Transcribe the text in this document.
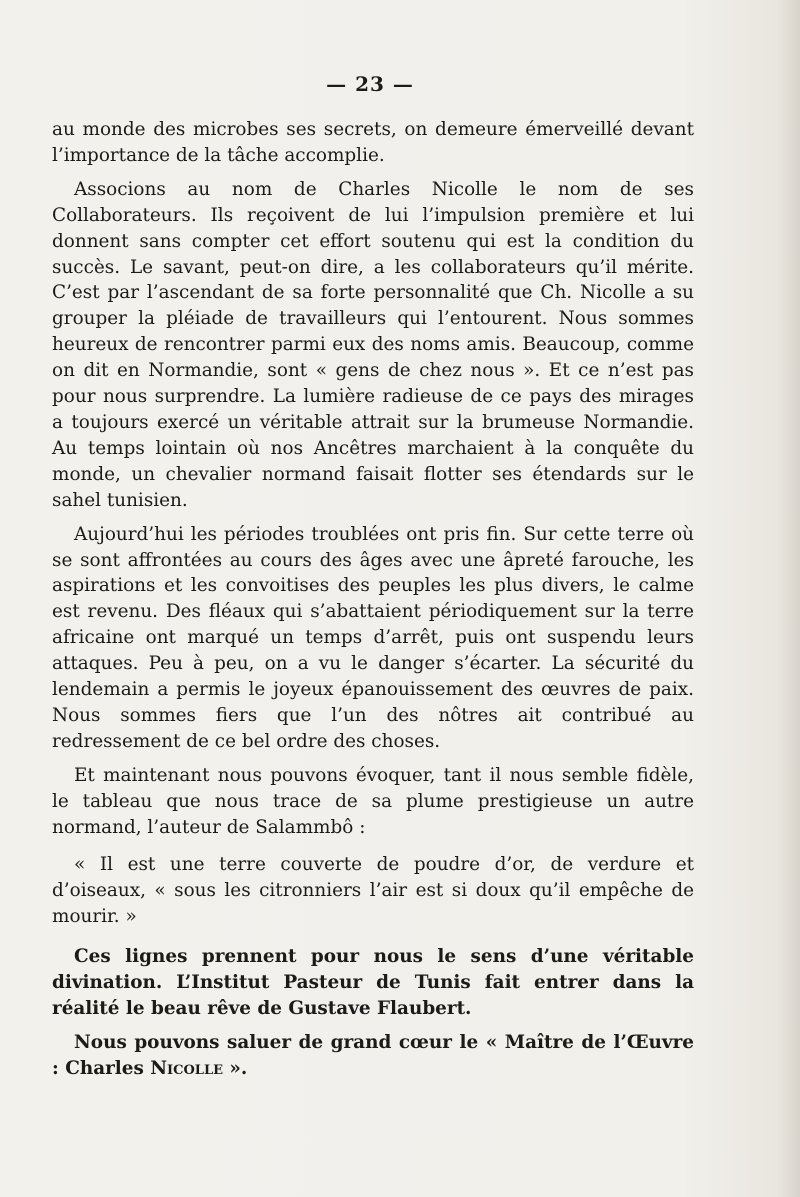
— 23 —

au monde des microbes ses secrets, on demeure émerveillé devant l’importance de la tâche accomplie.

Associons au nom de Charles Nicolle le nom de ses Collaborateurs. Ils reçoivent de lui l’impulsion première et lui donnent sans compter cet effort soutenu qui est la condition du succès. Le savant, peut-on dire, a les collaborateurs qu’il mérite. C’est par l’ascendant de sa forte personnalité que Ch. Nicolle a su grouper la pléiade de travailleurs qui l’entourent. Nous sommes heureux de rencontrer parmi eux des noms amis. Beaucoup, comme on dit en Normandie, sont « gens de chez nous ». Et ce n’est pas pour nous surprendre. La lumière radieuse de ce pays des mirages a toujours exercé un véritable attrait sur la brumeuse Normandie. Au temps lointain où nos Ancêtres marchaient à la conquête du monde, un chevalier normand faisait flotter ses étendards sur le sahel tunisien.

Aujourd’hui les périodes troublées ont pris fin. Sur cette terre où se sont affrontées au cours des âges avec une âpreté farouche, les aspirations et les convoitises des peuples les plus divers, le calme est revenu. Des fléaux qui s’abattaient périodiquement sur la terre africaine ont marqué un temps d’arrêt, puis ont suspendu leurs attaques. Peu à peu, on a vu le danger s’écarter. La sécurité du lendemain a permis le joyeux épanouissement des œuvres de paix. Nous sommes fiers que l’un des nôtres ait contribué au redressement de ce bel ordre des choses.

Et maintenant nous pouvons évoquer, tant il nous semble fidèle, le tableau que nous trace de sa plume prestigieuse un autre normand, l’auteur de Salammbô :

« Il est une terre couverte de poudre d’or, de verdure et d’oiseaux, « sous les citronniers l’air est si doux qu’il empêche de mourir. »

Ces lignes prennent pour nous le sens d’une véritable divination. L’Institut Pasteur de Tunis fait entrer dans la réalité le beau rêve de Gustave Flaubert.

Nous pouvons saluer de grand cœur le « Maître de l’Œuvre : Charles Nicolle ».
